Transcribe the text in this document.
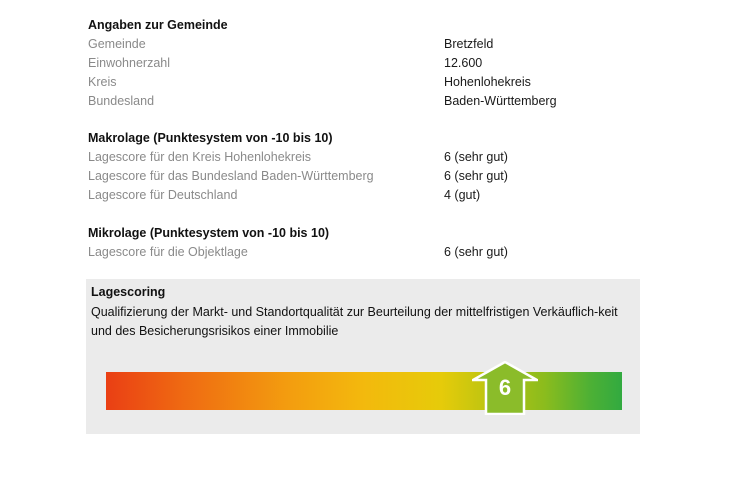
Angaben zur Gemeinde
Gemeinde	Bretzfeld
Einwohnerzahl	12.600
Kreis	Hohenlohekreis
Bundesland	Baden-Württemberg
Makrolage (Punktesystem von -10 bis 10)
Lagescore für den Kreis Hohenlohekreis	6 (sehr gut)
Lagescore für das Bundesland Baden-Württemberg	6 (sehr gut)
Lagescore für Deutschland	4 (gut)
Mikrolage (Punktesystem von -10 bis 10)
Lagescore für die Objektlage	6 (sehr gut)
Lagescoring
Qualifizierung der Markt- und Standortqualität zur Beurteilung der mittelfristigen Verkäuflich-keit und des Besicherungsrisikos einer Immobilie
6
